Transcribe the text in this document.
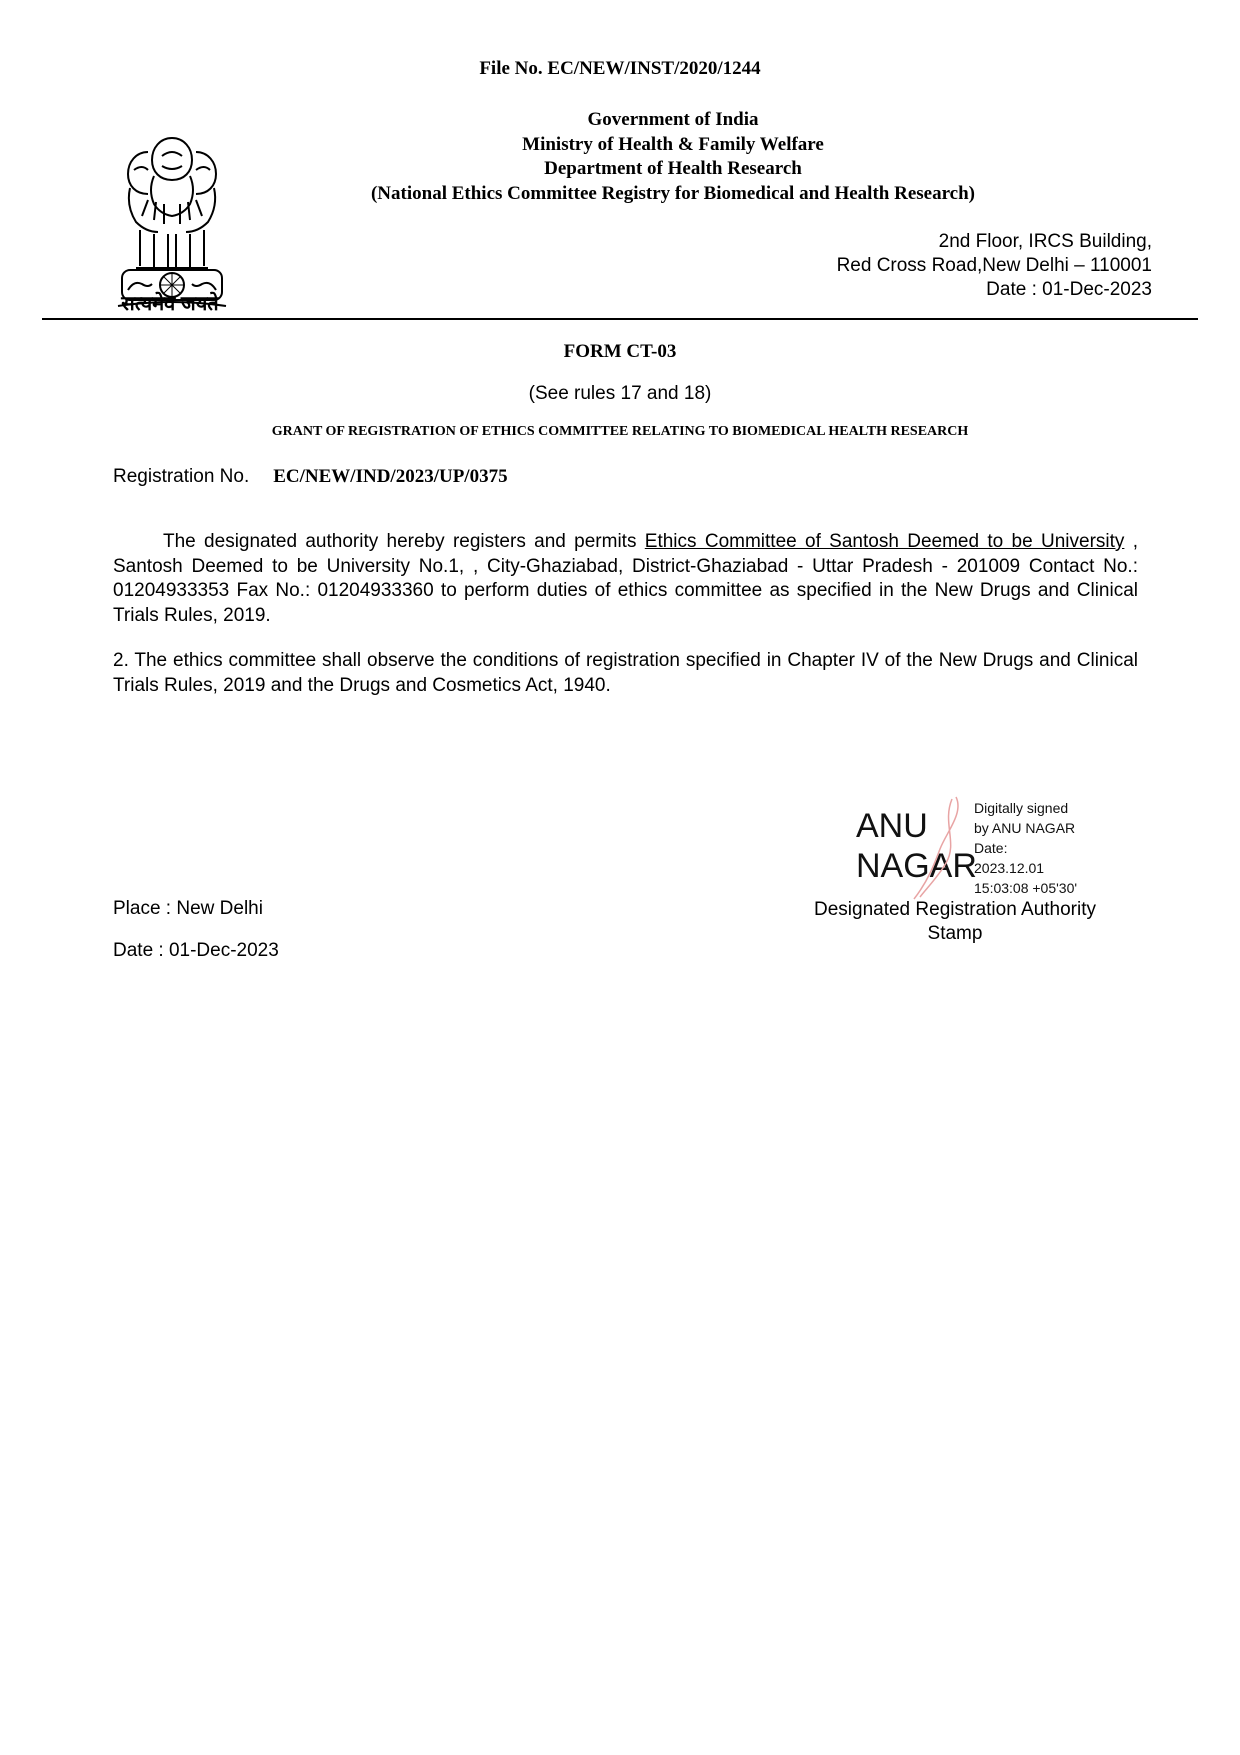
File No. EC/NEW/INST/2020/1244
Government of India
Ministry of Health & Family Welfare
Department of Health Research
(National Ethics Committee Registry for Biomedical and Health Research)
सत्यमेव जयते
2nd Floor, IRCS Building,
Red Cross Road,New Delhi – 110001
Date : 01-Dec-2023
FORM CT-03
(See rules 17 and 18)
GRANT OF REGISTRATION OF ETHICS COMMITTEE RELATING TO BIOMEDICAL HEALTH RESEARCH
Registration No. EC/NEW/IND/2023/UP/0375
The designated authority hereby registers and permits Ethics Committee of Santosh Deemed to be University , Santosh Deemed to be University No.1, , City-Ghaziabad, District-Ghaziabad - Uttar Pradesh - 201009 Contact No.: 01204933353 Fax No.: 01204933360 to perform duties of ethics committee as specified in the New Drugs and Clinical Trials Rules, 2019.
2. The ethics committee shall observe the conditions of registration specified in Chapter IV of the New Drugs and Clinical Trials Rules, 2019 and the Drugs and Cosmetics Act, 1940.
ANU
NAGAR
Digitally signed
by ANU NAGAR
Date:
2023.12.01
15:03:08 +05'30'
Place : New Delhi
Date : 01-Dec-2023
Designated Registration Authority
Stamp
